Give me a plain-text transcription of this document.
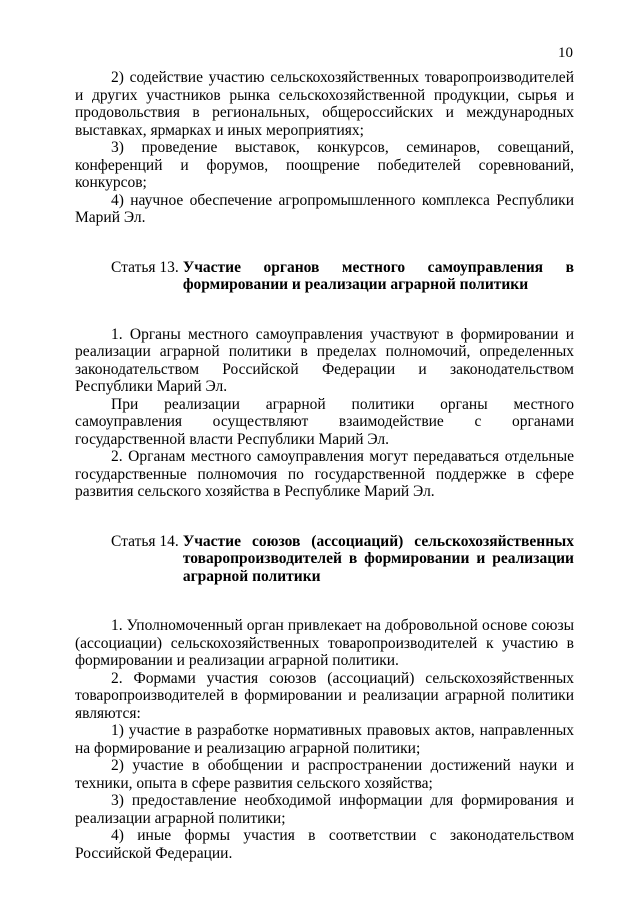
10

2) содействие участию сельскохозяйственных товаропроизводителей и других участников рынка сельскохозяйственной продукции, сырья и продовольствия в региональных, общероссийских и международных выставках, ярмарках и иных мероприятиях;

3) проведение выставок, конкурсов, семинаров, совещаний, конференций и форумов, поощрение победителей соревнований, конкурсов;

4) научное обеспечение агропромышленного комплекса Республики Марий Эл.

Статья 13. Участие органов местного самоуправления в формировании и реализации аграрной политики

1. Органы местного самоуправления участвуют в формировании и реализации аграрной политики в пределах полномочий, определенных законодательством Российской Федерации и законодательством Республики Марий Эл.

При реализации аграрной политики органы местного самоуправления осуществляют взаимодействие с органами государственной власти Республики Марий Эл.

2. Органам местного самоуправления могут передаваться отдельные государственные полномочия по государственной поддержке в сфере развития сельского хозяйства в Республике Марий Эл.

Статья 14. Участие союзов (ассоциаций) сельскохозяйственных товаропроизводителей в формировании и реализации аграрной политики

1. Уполномоченный орган привлекает на добровольной основе союзы (ассоциации) сельскохозяйственных товаропроизводителей к участию в формировании и реализации аграрной политики.

2. Формами участия союзов (ассоциаций) сельскохозяйственных товаропроизводителей в формировании и реализации аграрной политики являются:

1) участие в разработке нормативных правовых актов, направленных на формирование и реализацию аграрной политики;

2) участие в обобщении и распространении достижений науки и техники, опыта в сфере развития сельского хозяйства;

3) предоставление необходимой информации для формирования и реализации аграрной политики;

4) иные формы участия в соответствии с законодательством Российской Федерации.
